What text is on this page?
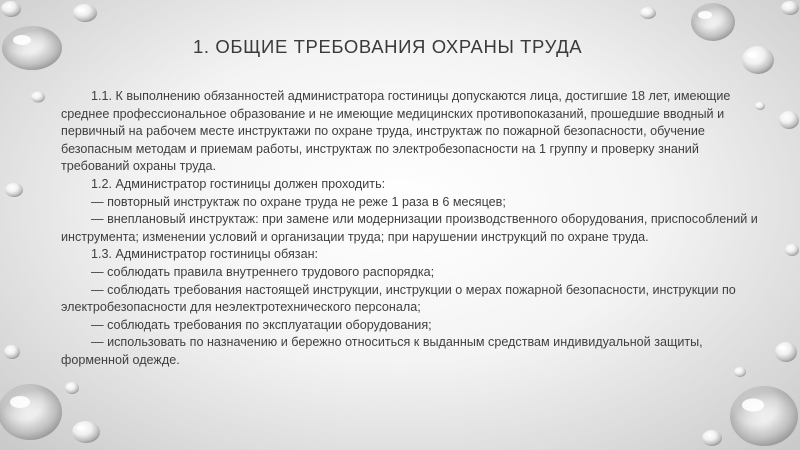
1. ОБЩИЕ ТРЕБОВАНИЯ ОХРАНЫ ТРУДА

1.1. К выполнению обязанностей администратора гостиницы допускаются лица, достигшие 18 лет, имеющие среднее профессиональное образование и не имеющие медицинских противопоказаний, прошедшие вводный и первичный на рабочем месте инструктажи по охране труда, инструктаж по пожарной безопасности, обучение безопасным методам и приемам работы, инструктаж по электробезопасности на 1 группу и проверку знаний требований охраны труда.

1.2. Администратор гостиницы должен проходить:

— повторный инструктаж по охране труда не реже 1 раза в 6 месяцев;

— внеплановый инструктаж: при замене или модернизации производственного оборудования, приспособлений и инструмента; изменении условий и организации труда; при нарушении инструкций по охране труда.

1.3. Администратор гостиницы обязан:

— соблюдать правила внутреннего трудового распорядка;

— соблюдать требования настоящей инструкции, инструкции о мерах пожарной безопасности, инструкции по электробезопасности для неэлектротехнического персонала;

— соблюдать требования по эксплуатации оборудования;

— использовать по назначению и бережно относиться к выданным средствам индивидуальной защиты, форменной одежде.
